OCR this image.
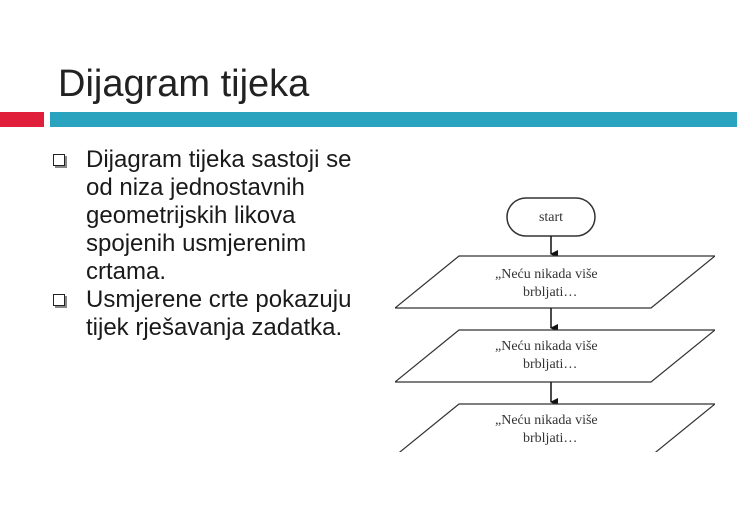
Dijagram tijeka
Dijagram tijeka sastoji se od niza jednostavnih geometrijskih likova spojenih usmjerenim crtama.
Usmjerene crte pokazuju tijek rješavanja zadatka.
start
„Neću nikada više
brbljati…
„Neću nikada više
brbljati…
„Neću nikada više
brbljati…
